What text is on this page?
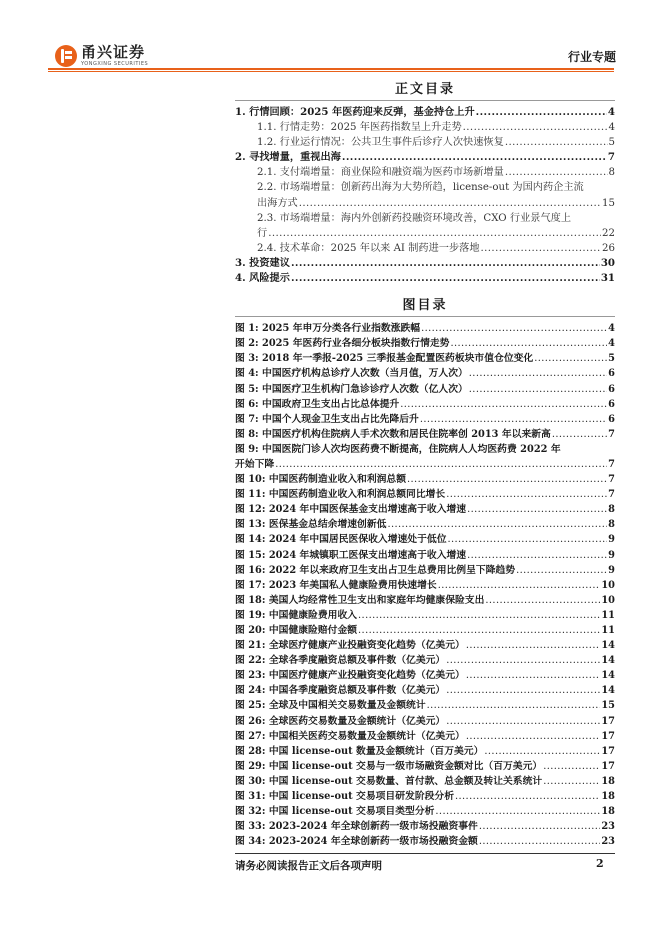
甬兴证券
YONGXING SECURITIES	行业专题
正文目录
1. 行情回顾：2025 年医药迎来反弹，基金持仓上升 .....	4
1.1. 行情走势：2025 年医药指数呈上升走势 .....	4
1.2. 行业运行情况：公共卫生事件后诊疗人次快速恢复 .....	5
2. 寻找增量，重视出海 .....	7
2.1. 支付端增量：商业保险和融资端为医药市场新增量 .....	8
2.2. 市场端增量：创新药出海为大势所趋，license-out 为国内药企主流
出海方式 .....	15
2.3. 市场端增量：海内外创新药投融资环境改善，CXO 行业景气度上
行 .....	22
2.4. 技术革命：2025 年以来 AI 制药进一步落地 .....	26
3. 投资建议 .....	30
4. 风险提示 .....	31
图目录
图 1: 2025 年申万分类各行业指数涨跌幅 .....	4
图 2: 2025 年医药行业各细分板块指数行情走势 .....	4
图 3: 2018 年一季报-2025 三季报基金配置医药板块市值仓位变化 .....	5
图 4: 中国医疗机构总诊疗人次数（当月值，万人次） .....	6
图 5: 中国医疗卫生机构门急诊诊疗人次数（亿人次） .....	6
图 6: 中国政府卫生支出占比总体提升 .....	6
图 7: 中国个人现金卫生支出占比先降后升 .....	6
图 8: 中国医疗机构住院病人手术次数和居民住院率创 2013 年以来新高 .....	7
图 9: 中国医院门诊人次均医药费不断提高，住院病人人均医药费 2022 年
开始下降 .....	7
图 10: 中国医药制造业收入和利润总额 .....	7
图 11: 中国医药制造业收入和利润总额同比增长 .....	7
图 12: 2024 年中国医保基金支出增速高于收入增速 .....	8
图 13: 医保基金总结余增速创新低 .....	8
图 14: 2024 年中国居民医保收入增速处于低位 .....	9
图 15: 2024 年城镇职工医保支出增速高于收入增速 .....	9
图 16: 2022 年以来政府卫生支出占卫生总费用比例呈下降趋势 .....	9
图 17: 2023 年美国私人健康险费用快速增长 .....	10
图 18: 美国人均经常性卫生支出和家庭年均健康保险支出 .....	10
图 19: 中国健康险费用收入 .....	11
图 20: 中国健康险赔付金额 .....	11
图 21: 全球医疗健康产业投融资变化趋势（亿美元） .....	14
图 22: 全球各季度融资总额及事件数（亿美元） .....	14
图 23: 中国医疗健康产业投融资变化趋势（亿美元） .....	14
图 24: 中国各季度融资总额及事件数（亿美元） .....	14
图 25: 全球及中国相关交易数量及金额统计 .....	15
图 26: 全球医药交易数量及金额统计（亿美元） .....	17
图 27: 中国相关医药交易数量及金额统计（亿美元） .....	17
图 28: 中国 license-out 数量及金额统计（百万美元） .....	17
图 29: 中国 license-out 交易与一级市场融资金额对比（百万美元） .....	17
图 30: 中国 license-out 交易数量、首付款、总金额及转让关系统计 .....	18
图 31: 中国 license-out 交易项目研发阶段分析 .....	18
图 32: 中国 license-out 交易项目类型分析 .....	18
图 33: 2023-2024 年全球创新药一级市场投融资事件 .....	23
图 34: 2023-2024 年全球创新药一级市场投融资金额 .....	23
请务必阅读报告正文后各项声明	2
